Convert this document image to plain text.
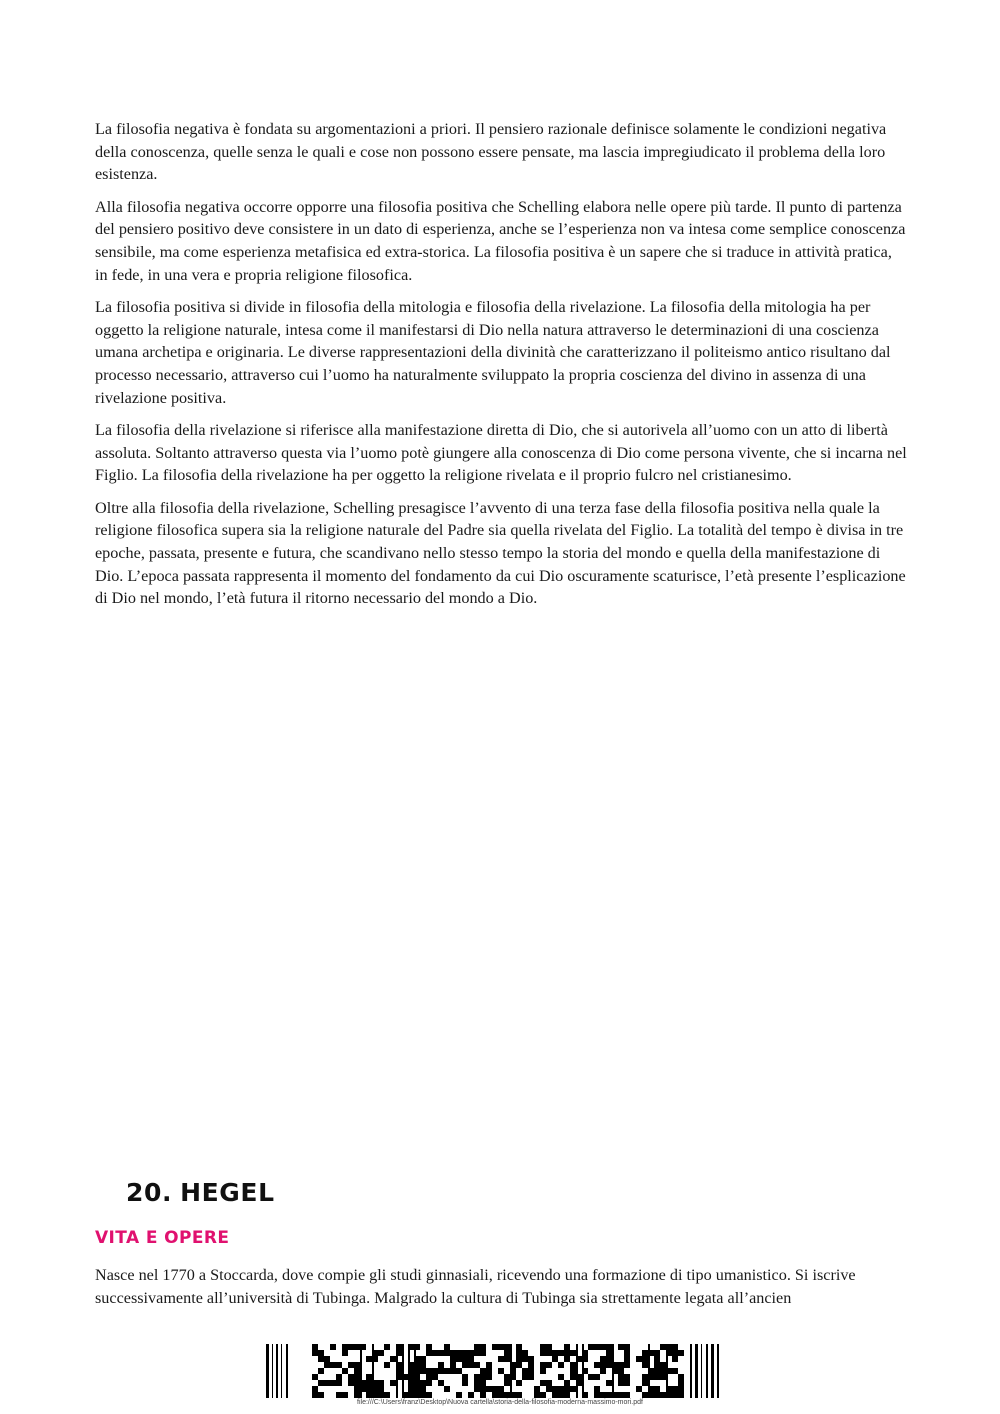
La filosofia negativa è fondata su argomentazioni a priori. Il pensiero razionale definisce solamente le condizioni negativa della conoscenza, quelle senza le quali e cose non possono essere pensate, ma lascia impregiudicato il problema della loro esistenza.

Alla filosofia negativa occorre opporre una filosofia positiva che Schelling elabora nelle opere più tarde. Il punto di partenza del pensiero positivo deve consistere in un dato di esperienza, anche se l’esperienza non va intesa come semplice conoscenza sensibile, ma come esperienza metafisica ed extra-storica. La filosofia positiva è un sapere che si traduce in attività pratica, in fede, in una vera e propria religione filosofica.

La filosofia positiva si divide in filosofia della mitologia e filosofia della rivelazione. La filosofia della mitologia ha per oggetto la religione naturale, intesa come il manifestarsi di Dio nella natura attraverso le determinazioni di una coscienza umana archetipa e originaria. Le diverse rappresentazioni della divinità che caratterizzano il politeismo antico risultano dal processo necessario, attraverso cui l’uomo ha naturalmente sviluppato la propria coscienza del divino in assenza di una rivelazione positiva.

La filosofia della rivelazione si riferisce alla manifestazione diretta di Dio, che si autorivela all’uomo con un atto di libertà assoluta. Soltanto attraverso questa via l’uomo potè giungere alla conoscenza di Dio come persona vivente, che si incarna nel Figlio. La filosofia della rivelazione ha per oggetto la religione rivelata e il proprio fulcro nel cristianesimo.

Oltre alla filosofia della rivelazione, Schelling presagisce l’avvento di una terza fase della filosofia positiva nella quale la religione filosofica supera sia la religione naturale del Padre sia quella rivelata del Figlio. La totalità del tempo è divisa in tre epoche, passata, presente e futura, che scandivano nello stesso tempo la storia del mondo e quella della manifestazione di Dio. L’epoca passata rappresenta il momento del fondamento da cui Dio oscuramente scaturisce, l’età presente l’esplicazione di Dio nel mondo, l’età futura il ritorno necessario del mondo a Dio.

20. HEGEL
VITA E OPERE

Nasce nel 1770 a Stoccarda, dove compie gli studi ginnasiali, ricevendo una formazione di tipo umanistico. Si iscrive successivamente all’università di Tubinga. Malgrado la cultura di Tubinga sia strettamente legata all’ancien

file:///C:\Users\franz\Desktop\Nuova cartella\storia-della-filosofia-moderna-massimo-mori.pdf
